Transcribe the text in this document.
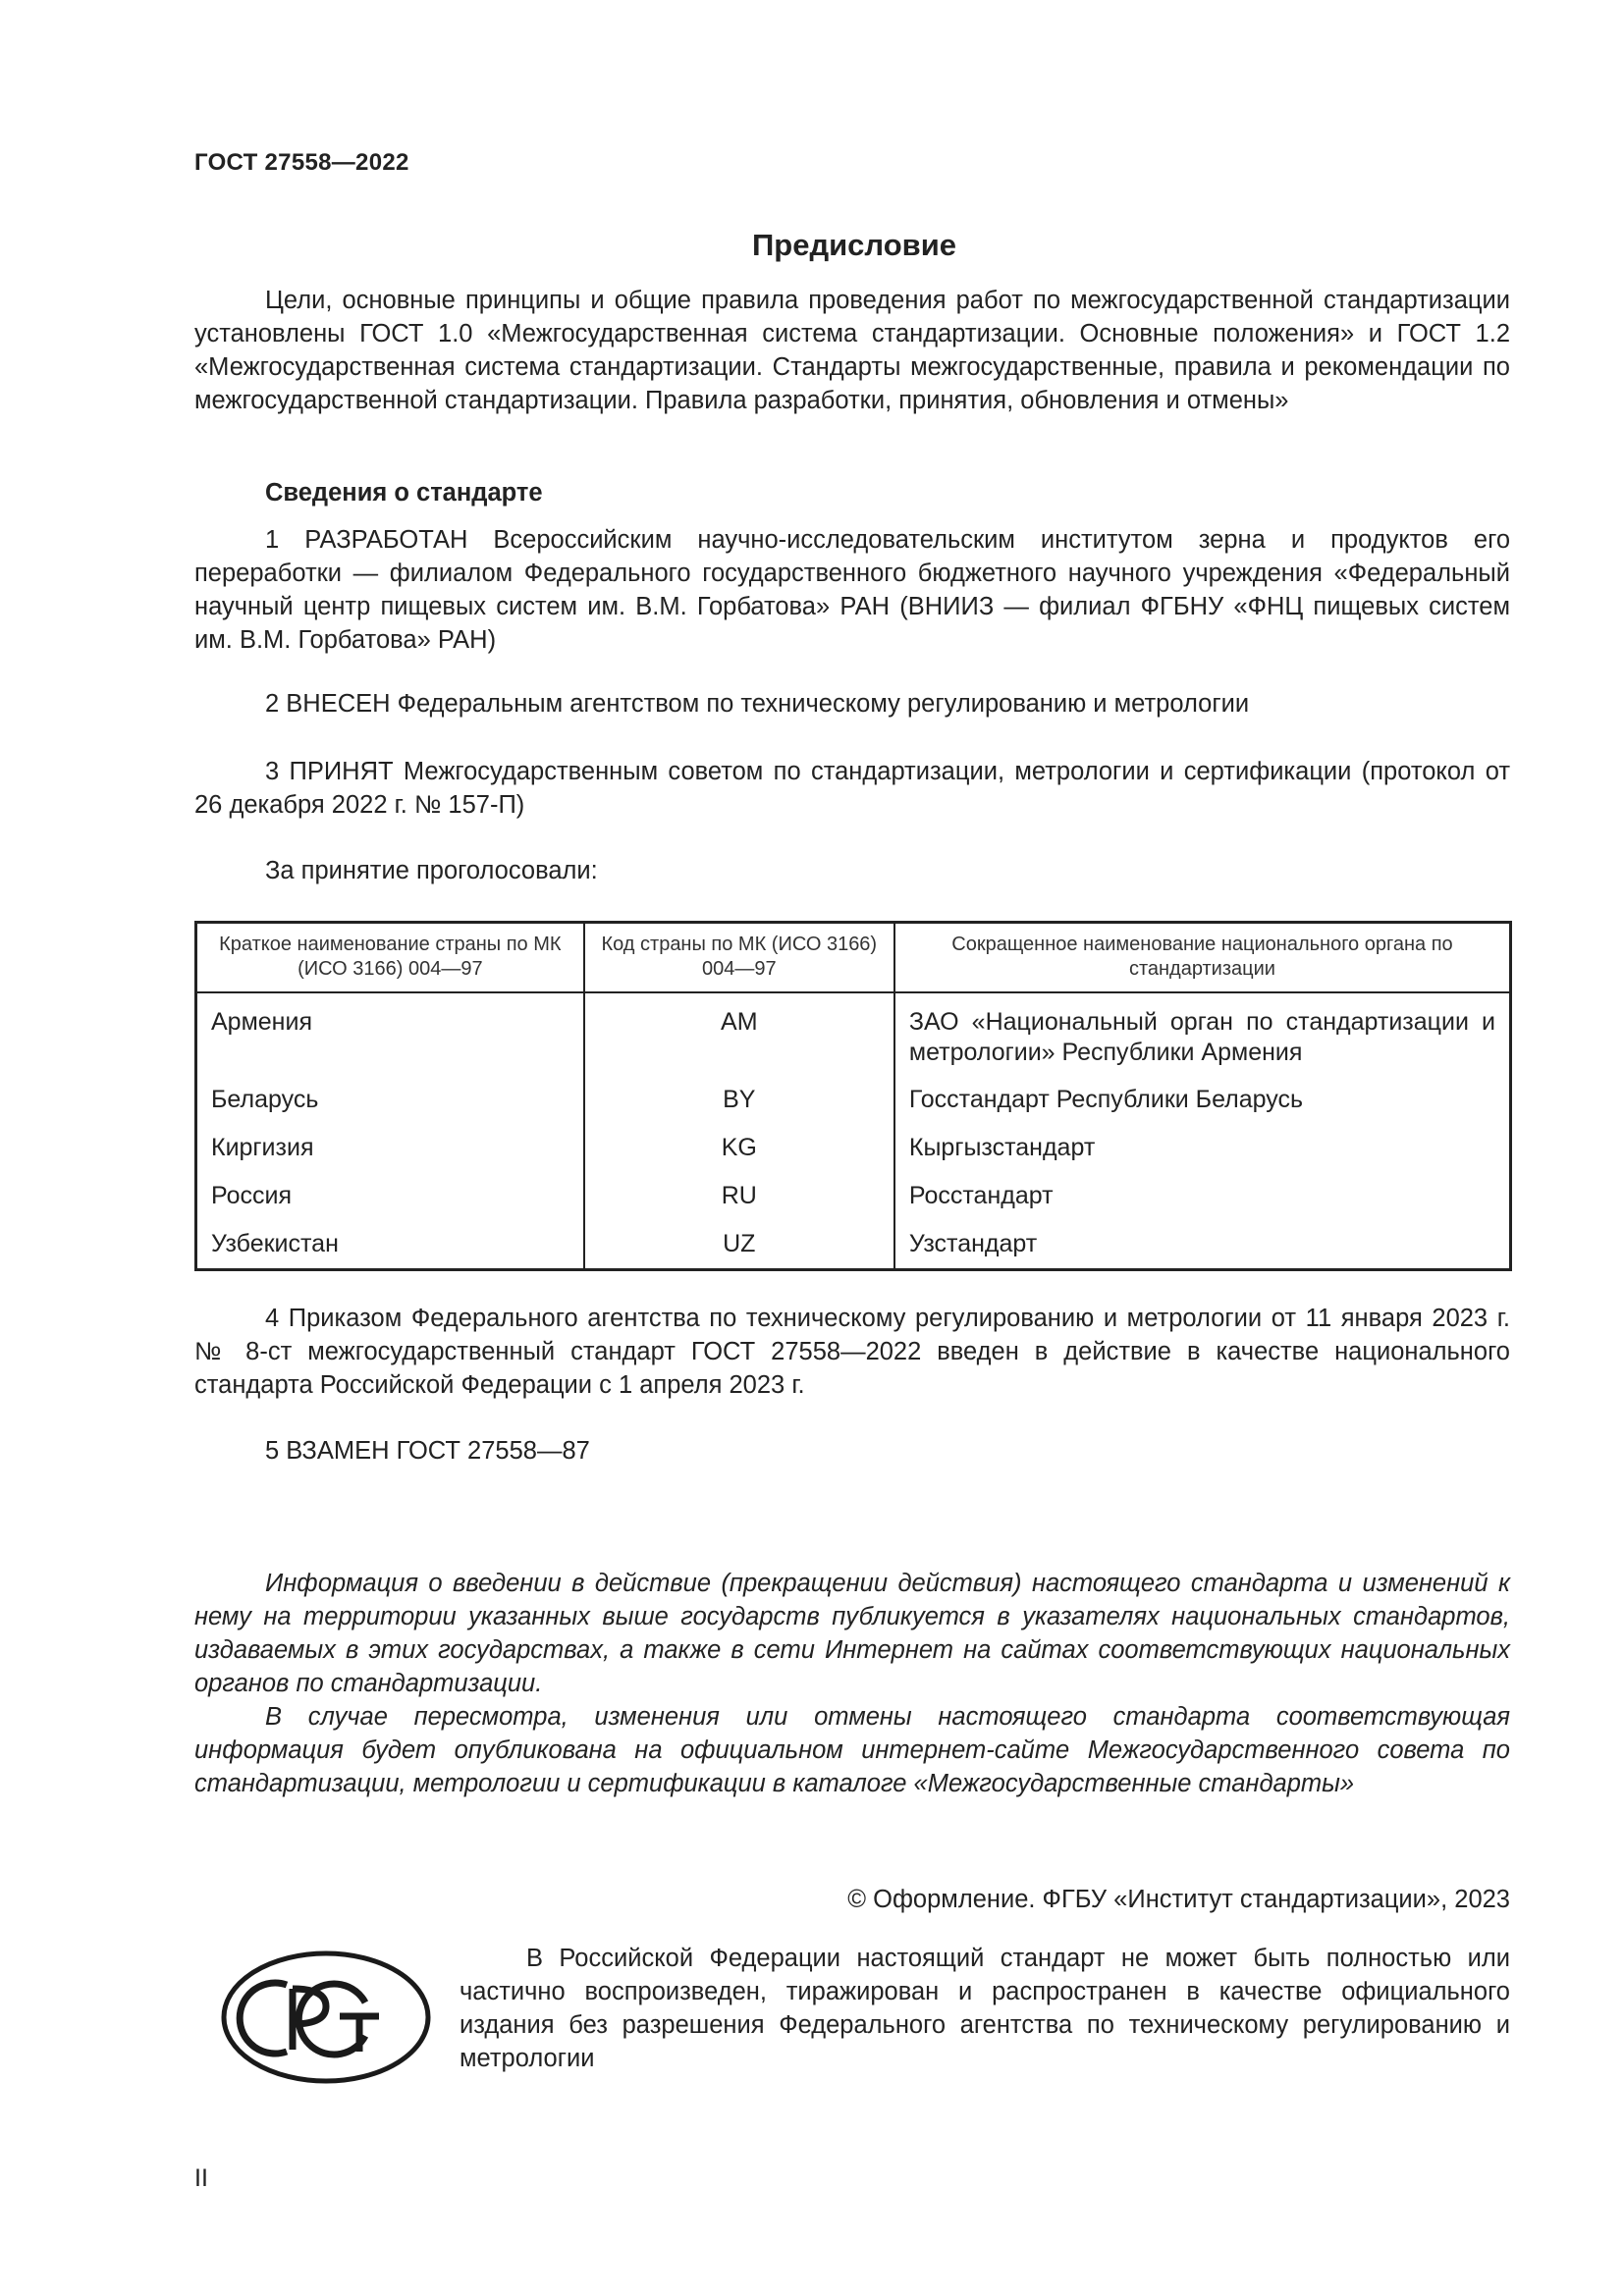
ГОСТ 27558—2022
Предисловие
Цели, основные принципы и общие правила проведения работ по межгосударственной стандартизации установлены ГОСТ 1.0 «Межгосударственная система стандартизации. Основные положения» и ГОСТ 1.2 «Межгосударственная система стандартизации. Стандарты межгосударственные, правила и рекомендации по межгосударственной стандартизации. Правила разработки, принятия, обновления и отмены»
Сведения о стандарте
1 РАЗРАБОТАН Всероссийским научно-исследовательским институтом зерна и продуктов его переработки — филиалом Федерального государственного бюджетного научного учреждения «Федеральный научный центр пищевых систем им. В.М. Горбатова» РАН (ВНИИЗ — филиал ФГБНУ «ФНЦ пищевых систем им. В.М. Горбатова» РАН)
2 ВНЕСЕН Федеральным агентством по техническому регулированию и метрологии
3 ПРИНЯТ Межгосударственным советом по стандартизации, метрологии и сертификации (протокол от 26 декабря 2022 г. № 157-П)
За принятие проголосовали:
Краткое наименование страны по МК (ИСО 3166) 004—97	Код страны по МК (ИСО 3166) 004—97	Сокращенное наименование национального органа по стандартизации
Армения	AM	ЗАО «Национальный орган по стандартизации и метрологии» Республики Армения
Беларусь	BY	Госстандарт Республики Беларусь
Киргизия	KG	Кыргызстандарт
Россия	RU	Росстандарт
Узбекистан	UZ	Узстандарт
4 Приказом Федерального агентства по техническому регулированию и метрологии от 11 января 2023 г. № 8-ст межгосударственный стандарт ГОСТ 27558—2022 введен в действие в качестве национального стандарта Российской Федерации с 1 апреля 2023 г.
5 ВЗАМЕН ГОСТ 27558—87
Информация о введении в действие (прекращении действия) настоящего стандарта и изменений к нему на территории указанных выше государств публикуется в указателях национальных стандартов, издаваемых в этих государствах, а также в сети Интернет на сайтах соответствующих национальных органов по стандартизации.
В случае пересмотра, изменения или отмены настоящего стандарта соответствующая информация будет опубликована на официальном интернет-сайте Межгосударственного совета по стандартизации, метрологии и сертификации в каталоге «Межгосударственные стандарты»
© Оформление. ФГБУ «Институт стандартизации», 2023
В Российской Федерации настоящий стандарт не может быть полностью или частично воспроизведен, тиражирован и распространен в качестве официального издания без разрешения Федерального агентства по техническому регулированию и метрологии
II
